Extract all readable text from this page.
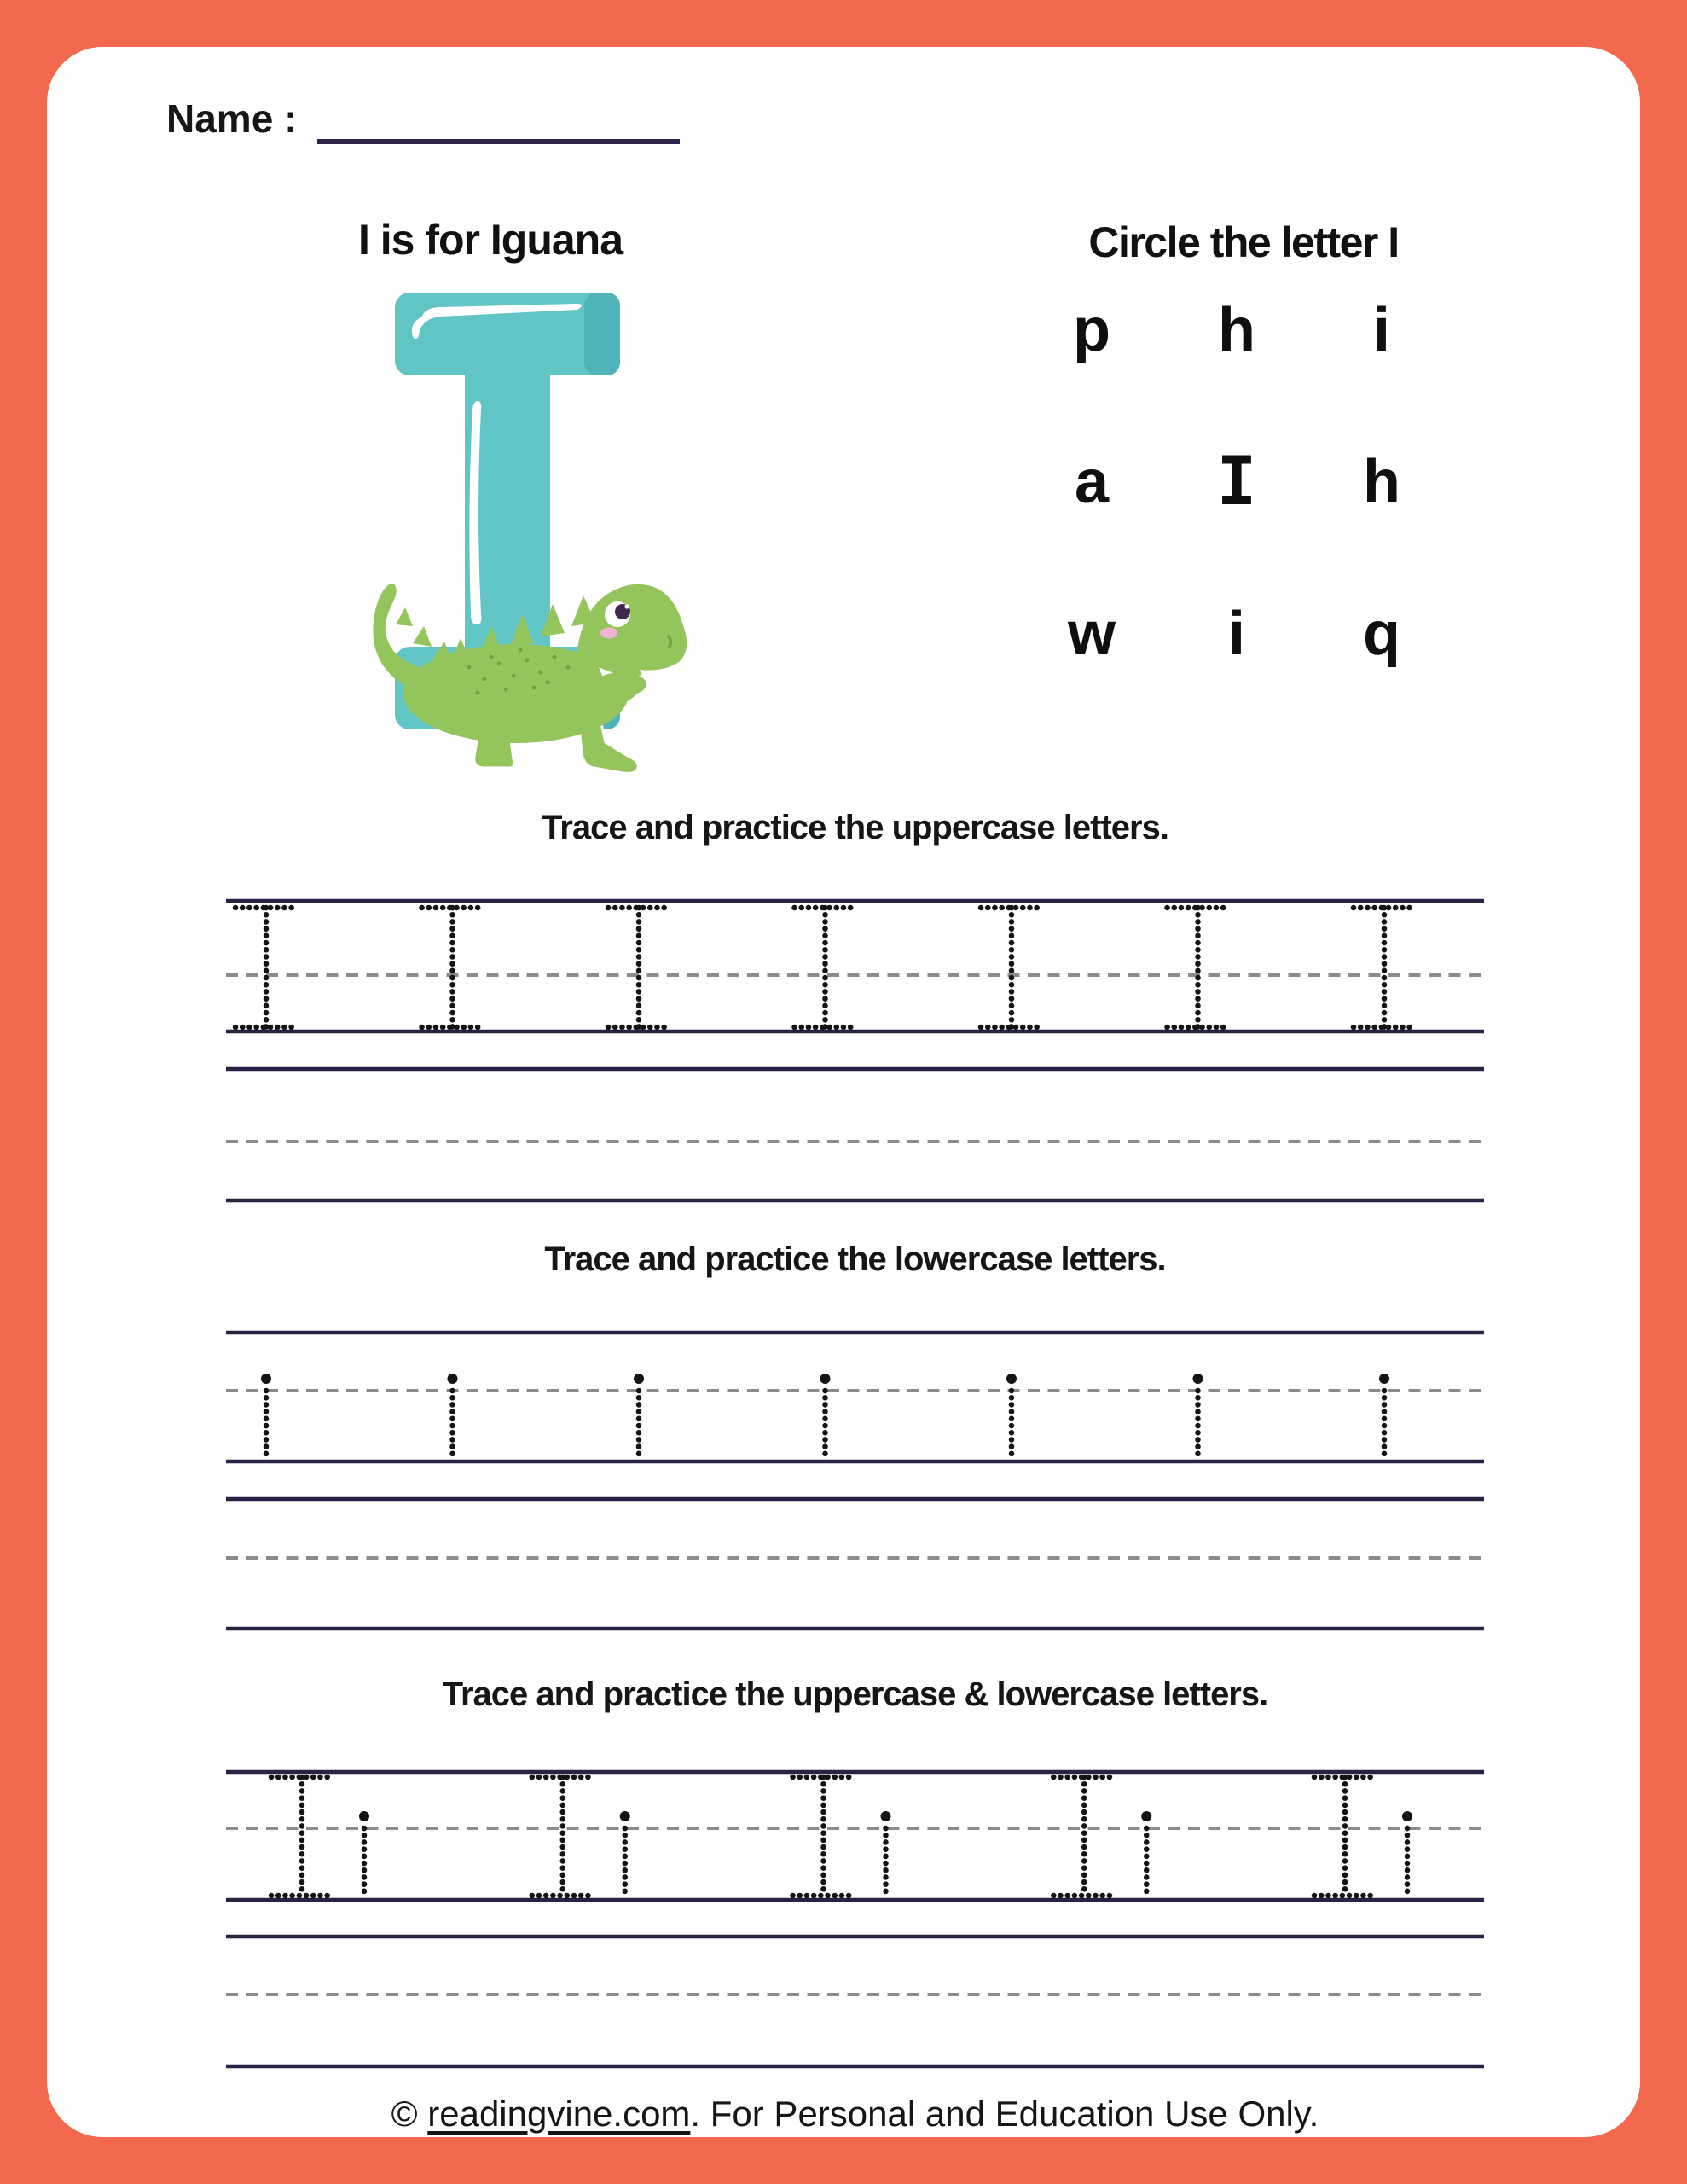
Name :
I is for Iguana	Circle the letter I
p	h	i
a	I	h
w	i	q
Trace and practice the uppercase letters.
Trace and practice the lowercase letters.
Trace and practice the uppercase & lowercase letters.
© readingvine.com. For Personal and Education Use Only.
